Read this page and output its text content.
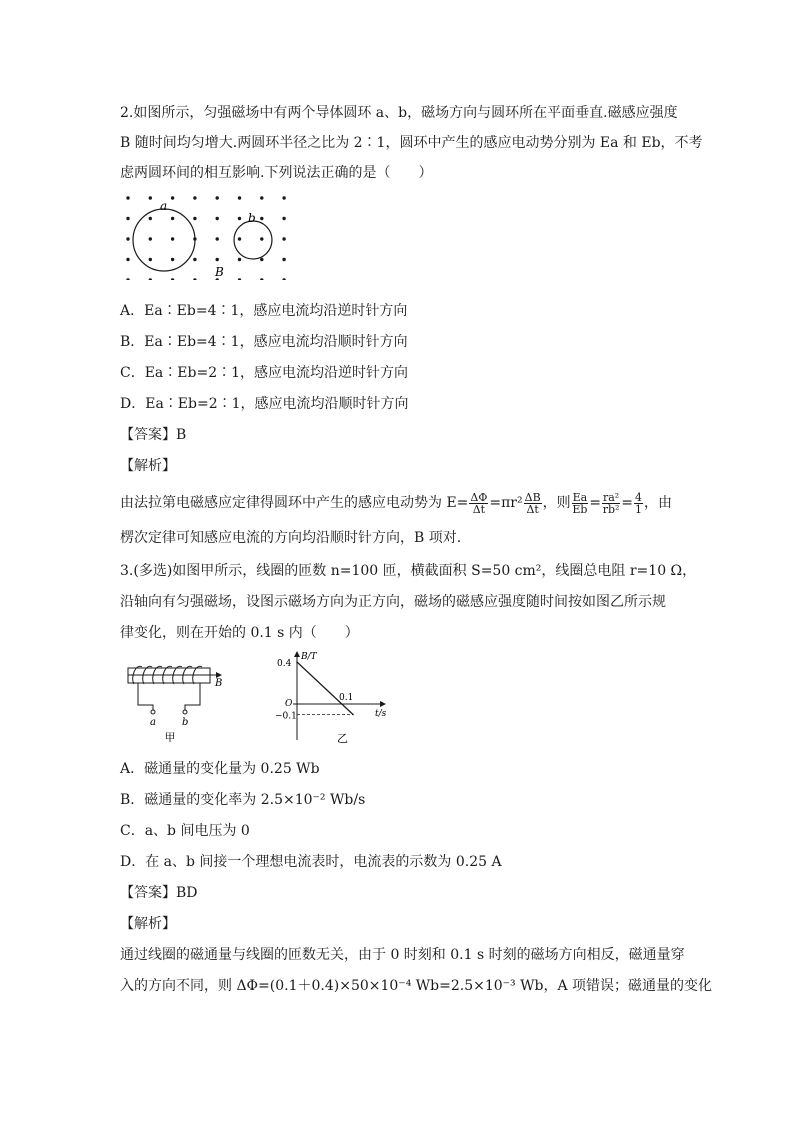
2.如图所示，匀强磁场中有两个导体圆环 a、b，磁场方向与圆环所在平面垂直.磁感应强度
B 随时间均匀增大.两圆环半径之比为 2∶1，圆环中产生的感应电动势分别为 Ea 和 Eb，不考
虑两圆环间的相互影响.下列说法正确的是（　　）
a
b
B
A．Ea∶Eb=4∶1，感应电流均沿逆时针方向
B．Ea∶Eb=4∶1，感应电流均沿顺时针方向
C．Ea∶Eb=2∶1，感应电流均沿逆时针方向
D．Ea∶Eb=2∶1，感应电流均沿顺时针方向
【答案】B
【解析】
由法拉第电磁感应定律得圆环中产生的感应电动势为 $E= \frac{\Delta\Phi}{\Delta t} =\pi r^2 \frac{\Delta B}{\Delta t}$ ，则 $\frac{Ea}{Eb} = \frac{\text{ra²}}{\text{rb²}} = \frac{4}{1}$ ，由
楞次定律可知感应电流的方向均沿顺时针方向，B 项对.
3.(多选)如图甲所示，线圈的匝数 n=100 匝，横截面积 S=50 cm²，线圈总电阻 r=10 Ω，
沿轴向有匀强磁场，设图示磁场方向为正方向，磁场的磁感应强度随时间按如图乙所示规
律变化，则在开始的 0.1 s 内（　　）
a	b
B
甲
B/T
t/s
0.4
O
−0.1
0.1
乙
A．磁通量的变化量为 0.25 Wb
B．磁通量的变化率为 2.5×10⁻² Wb/s
C．a、b 间电压为 0
D．在 a、b 间接一个理想电流表时，电流表的示数为 0.25 A
【答案】BD
【解析】
通过线圈的磁通量与线圈的匝数无关，由于 0 时刻和 0.1 s 时刻的磁场方向相反，磁通量穿
入的方向不同，则 ΔΦ=(0.1＋0.4)×50×10⁻⁴ Wb=2.5×10⁻³ Wb，A 项错误；磁通量的变化
